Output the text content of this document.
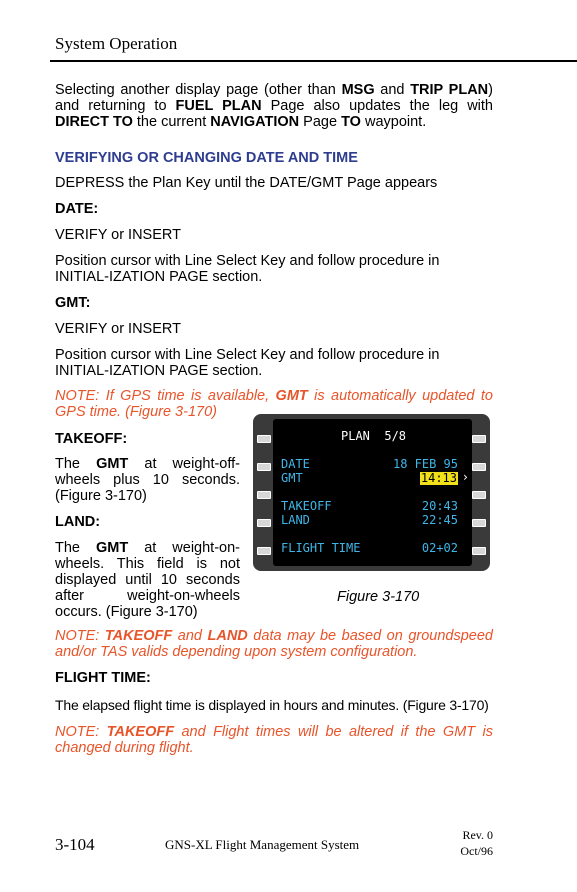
System Operation

Selecting another display page (other than MSG and TRIP PLAN) and returning to FUEL PLAN Page also updates the leg with DIRECT TO the current NAVIGATION Page TO waypoint.

VERIFYING OR CHANGING DATE AND TIME

DEPRESS the Plan Key until the DATE/GMT Page appears

DATE:

VERIFY or INSERT

Position cursor with Line Select Key and follow procedure in INITIAL-IZATION PAGE section.

GMT:

VERIFY or INSERT

Position cursor with Line Select Key and follow procedure in INITIAL-IZATION PAGE section.

NOTE: If GPS time is available, GMT is automatically updated to GPS time. (Figure 3-170)

TAKEOFF:

The GMT at weight-off-wheels plus 10 seconds. (Figure 3-170)

LAND:

The GMT at weight-on-wheels. This field is not displayed until 10 seconds after weight-on-wheels occurs. (Figure 3-170)

PLAN  5/8
DATE	18 FEB 95
GMT	14:13 ›
TAKEOFF	20:43
LAND	22:45
FLIGHT TIME	02+02
Figure 3-170

NOTE: TAKEOFF and LAND data may be based on groundspeed and/or TAS valids depending upon system configuration.

FLIGHT TIME:

The elapsed flight time is displayed in hours and minutes. (Figure 3-170)

NOTE: TAKEOFF and Flight times will be altered if the GMT is changed during flight.

3-104	GNS-XL Flight Management System
Rev. 0
Oct/96
